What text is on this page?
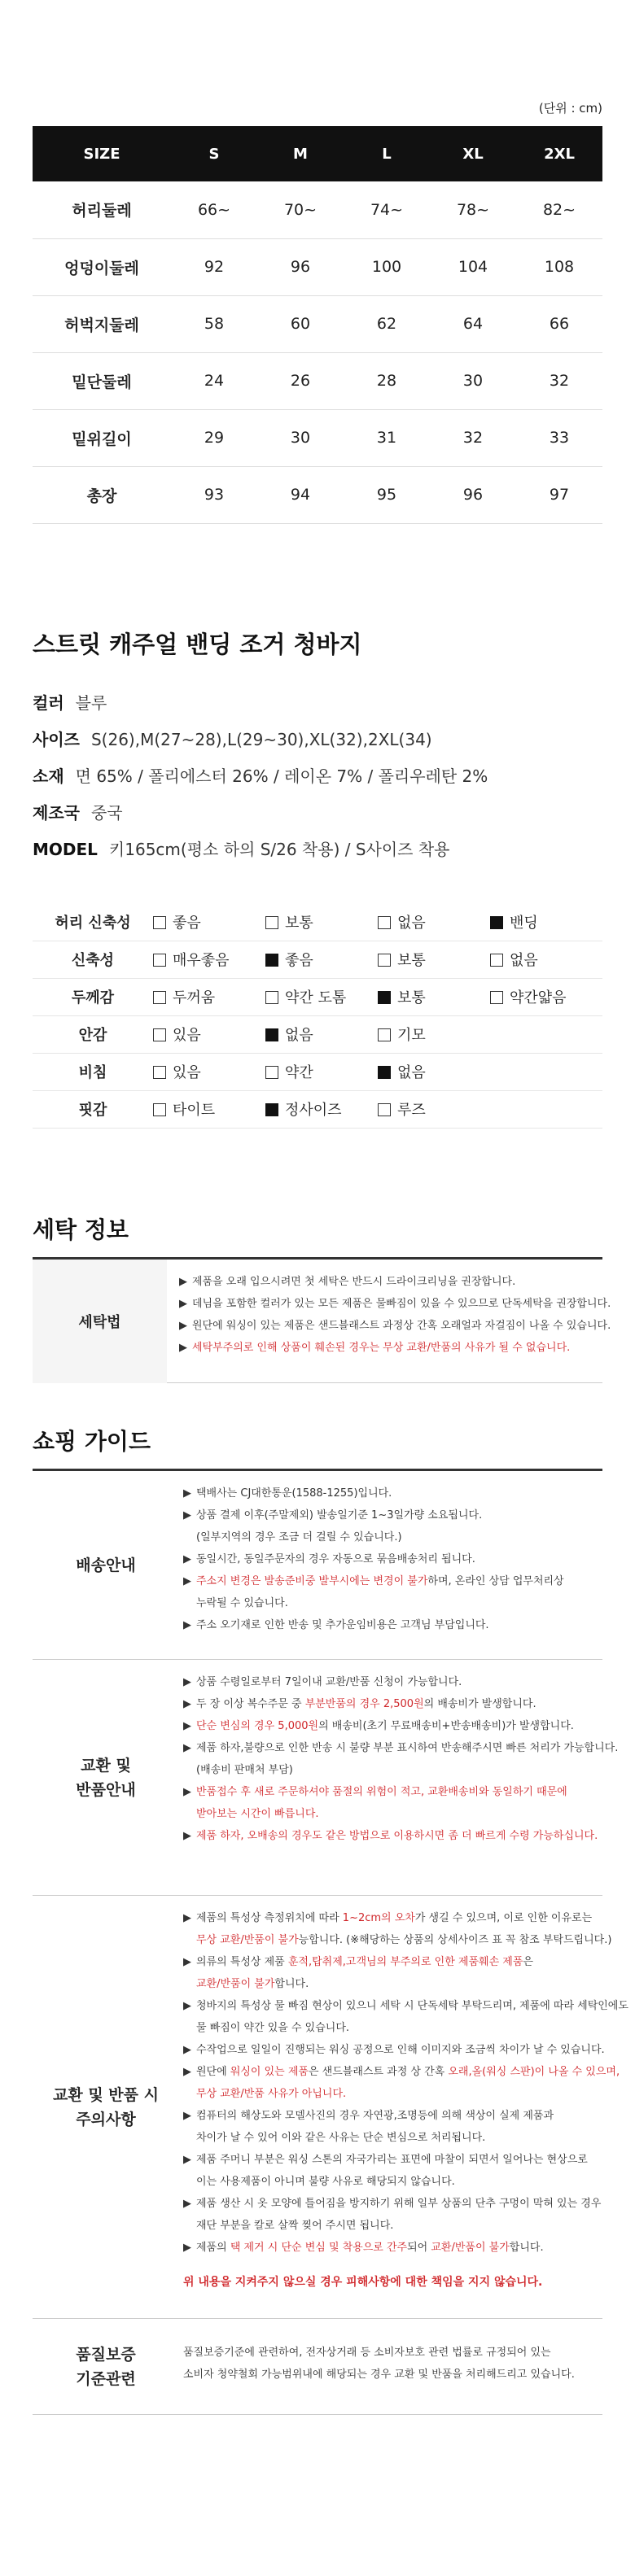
(단위 : cm)
SIZE	S	M	L	XL	2XL
허리둘레	66~	70~	74~	78~	82~
엉덩이둘레	92	96	100	104	108
허벅지둘레	58	60	62	64	66
밑단둘레	24	26	28	30	32
밑위길이	29	30	31	32	33
총장	93	94	95	96	97
스트릿 캐주얼 밴딩 조거 청바지
컬러 블루
사이즈 S(26),M(27~28),L(29~30),XL(32),2XL(34)
소재 면 65% / 폴리에스터 26% / 레이온 7% / 폴리우레탄 2%
제조국 중국
MODEL 키165cm(평소 하의 S/26 착용) / S사이즈 착용
허리 신축성	좋음	보통	없음	밴딩
신축성	매우좋음	좋음	보통	없음
두께감	두꺼움	약간 도톰	보통	약간얇음
안감	있음	없음	기모	
비침	있음	약간	없음	
핏감	타이트	정사이즈	루즈	
세탁 정보
세탁법
▶ 제품을 오래 입으시려면 첫 세탁은 반드시 드라이크리닝을 권장합니다.
▶ 데님을 포함한 컬러가 있는 모든 제품은 물빠짐이 있을 수 있으므로 단독세탁을 권장합니다.
▶ 원단에 워싱이 있는 제품은 샌드블래스트 과정상 간혹 오래얼과 자걸짐이 나올 수 있습니다.
▶ 세탁부주의로 인해 상품이 훼손된 경우는 무상 교환/반품의 사유가 될 수 없습니다.
쇼핑 가이드
배송안내
▶ 택배사는 CJ대한통운(1588-1255)입니다.
▶ 상품 결제 이후(주말제외) 발송일기준 1~3일가량 소요됩니다.
(일부지역의 경우 조금 더 걸릴 수 있습니다.)
▶ 동일시간, 동일주문자의 경우 자동으로 묶음배송처리 됩니다.
▶ 주소지 변경은 발송준비중 발부시에는 변경이 불가하며, 온라인 상담 업무처리상
누락될 수 있습니다.
▶ 주소 오기재로 인한 반송 및 추가운임비용은 고객님 부담입니다.
교환 및
반품안내
▶ 상품 수령일로부터 7일이내 교환/반품 신청이 가능합니다.
▶ 두 장 이상 복수주문 중 부분반품의 경우 2,500원의 배송비가 발생합니다.
▶ 단순 변심의 경우 5,000원의 배송비(초기 무료배송비+반송배송비)가 발생합니다.
▶ 제품 하자,불량으로 인한 반송 시 불량 부분 표시하여 반송해주시면 빠른 처리가 가능합니다.
(배송비 판매처 부담)
▶ 반품접수 후 새로 주문하셔야 품절의 위험이 적고, 교환배송비와 동일하기 때문에
받아보는 시간이 빠릅니다.
▶ 제품 하자, 오배송의 경우도 같은 방법으로 이용하시면 좀 더 빠르게 수령 가능하십니다.
교환 및 반품 시
주의사항
▶ 제품의 특성상 측정위치에 따라 1~2cm의 오차가 생길 수 있으며, 이로 인한 이유로는
무상 교환/반품이 불가능합니다. (※해당하는 상품의 상세사이즈 표 꼭 참조 부탁드립니다.)
▶ 의류의 특성상 제품 훈적,탑취제,고객님의 부주의로 인한 제품훼손 제품은
교환/반품이 불가합니다.
▶ 청바지의 특성상 물 빠짐 현상이 있으니 세탁 시 단독세탁 부탁드리며, 제품에 따라 세탁인에도
물 빠짐이 약간 있을 수 있습니다.
▶ 수작업으로 일일이 진행되는 워싱 공정으로 인해 이미지와 조금씩 차이가 날 수 있습니다.
▶ 원단에 워싱이 있는 제품은 샌드블래스트 과정 상 간혹 오래,올(워싱 스판)이 나올 수 있으며,
무상 교환/반품 사유가 아닙니다.
▶ 컴퓨터의 해상도와 모델사진의 경우 자연광,조명등에 의해 색상이 실제 제품과
차이가 날 수 있어 이와 같은 사유는 단순 변심으로 처리됩니다.
▶ 제품 주머니 부분은 워싱 스톤의 자국가리는 표면에 마찰이 되면서 일어나는 현상으로
이는 사용제품이 아니며 불량 사유로 해당되지 않습니다.
▶ 제품 생산 시 옷 모양에 틀어짐을 방지하기 위해 일부 상품의 단추 구멍이 막혀 있는 경우
재단 부분을 칼로 살짝 찢어 주시면 됩니다.
▶ 제품의 택 제거 시 단순 변심 및 착용으로 간주되어 교환/반품이 불가합니다.
위 내용을 지켜주지 않으실 경우 피해사항에 대한 책임을 지지 않습니다.
품질보증
기준관련
품질보증기준에 관련하여, 전자상거래 등 소비자보호 관련 법률로 규정되어 있는
소비자 청약철회 가능범위내에 해당되는 경우 교환 및 반품을 처리해드리고 있습니다.
